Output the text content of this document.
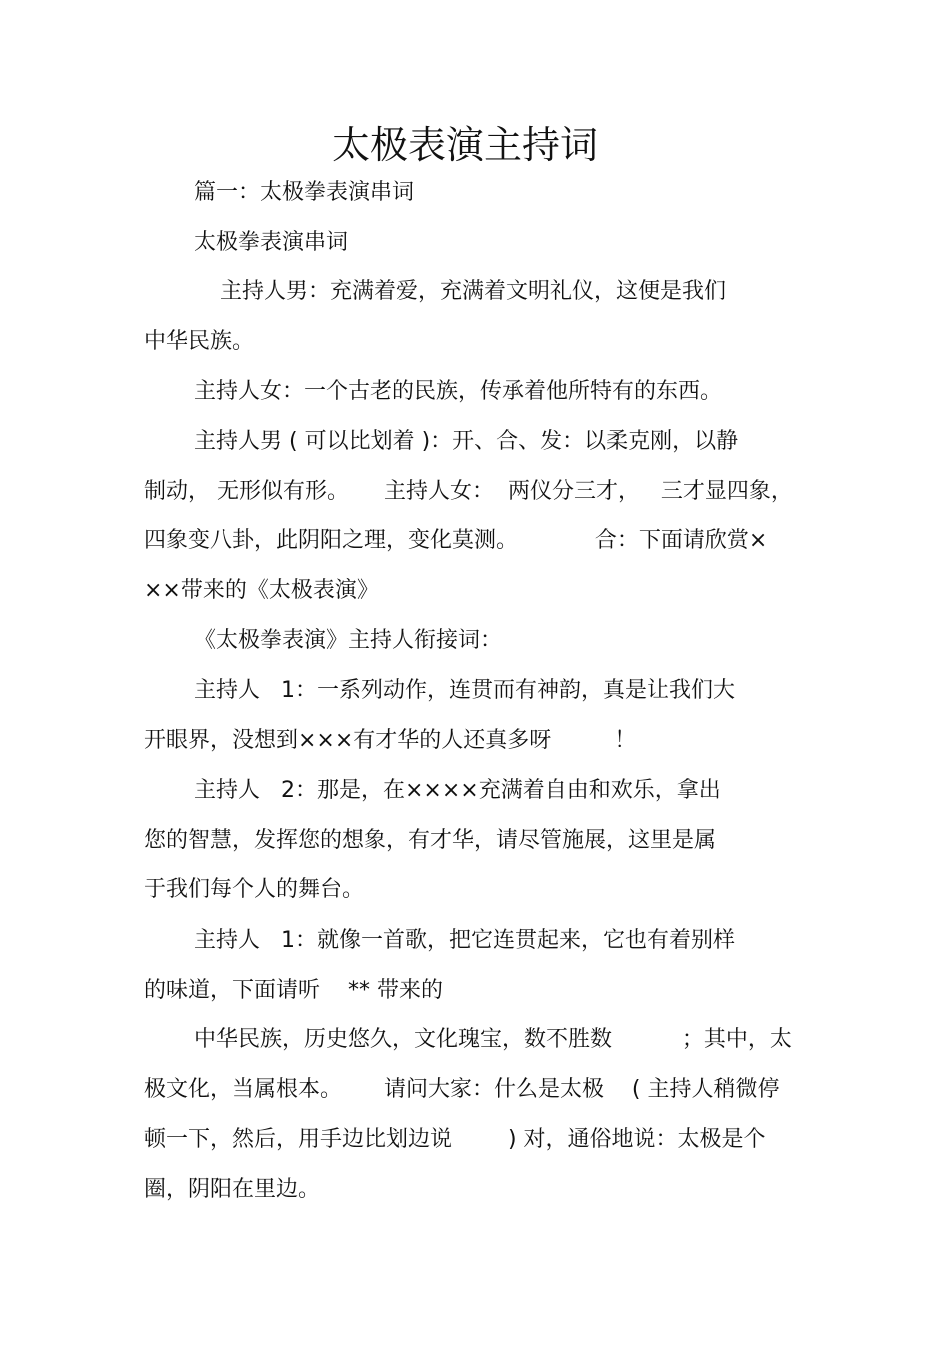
太极表演主持词
篇一：太极拳表演串词
太极拳表演串词
主持人男：充满着爱，充满着文明礼仪，这便是我们
中华民族。
主持人女：一个古老的民族，传承着他所特有的东西。
主持人男 ( 可以比划着 )：开、合、发：以柔克刚，以静
制动， 无形似有形。     主持人女：  两仪分三才，   三才显四象，
四象变八卦，此阴阳之理，变化莫测。           合：下面请欣赏×
××带来的《太极表演》
《太极拳表演》主持人衔接词：
主持人   1：一系列动作，连贯而有神韵，真是让我们大
开眼界，没想到×××有才华的人还真多呀         ！
主持人   2：那是，在××××充满着自由和欢乐，拿出
您的智慧，发挥您的想象，有才华，请尽管施展，这里是属
于我们每个人的舞台。
主持人   1：就像一首歌，把它连贯起来，它也有着别样
的味道，下面请听    ** 带来的
中华民族，历史悠久，文化瑰宝，数不胜数          ；其中，太
极文化，当属根本。      请问大家：什么是太极    ( 主持人稍微停
顿一下，然后，用手边比划边说        ) 对，通俗地说：太极是个
圈，阴阳在里边。
